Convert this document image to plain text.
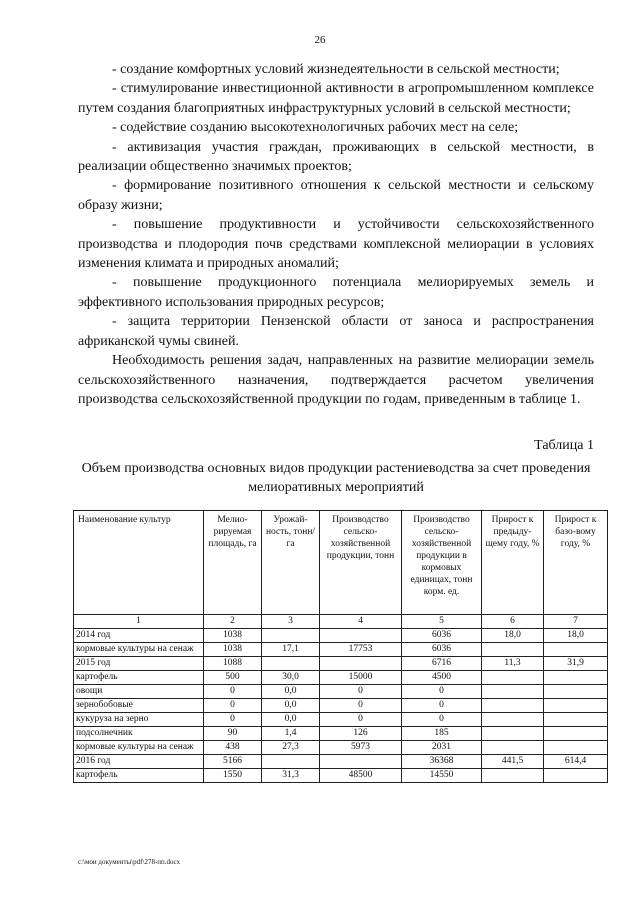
26

- создание комфортных условий жизнедеятельности в сельской местности;

- стимулирование инвестиционной активности в агропромышленном комплексе путем создания благоприятных инфраструктурных условий в сельской местности;

- содействие созданию высокотехнологичных рабочих мест на селе;

- активизация участия граждан, проживающих в сельской местности, в реализации общественно значимых проектов;

- формирование позитивного отношения к сельской местности и сельскому образу жизни;

- повышение продуктивности и устойчивости сельскохозяйственного производства и плодородия почв средствами комплексной мелиорации в условиях изменения климата и природных аномалий;

- повышение продукционного потенциала мелиорируемых земель и эффективного использования природных ресурсов;

- защита территории Пензенской области от заноса и распространения африканской чумы свиней.

Необходимость решения задач, направленных на развитие мелиорации земель сельскохозяйственного назначения, подтверждается расчетом увеличения производства сельскохозяйственной продукции по годам, приведенным в таблице 1.

Таблица 1
Объем производства основных видов продукции растениеводства за счет проведения мелиоративных мероприятий
Наименование культур	Мелио-рируемая площадь, га	Урожай-ность, тонн/га	Производство сельско-хозяйственной продукции, тонн	Производство сельско-хозяйственной продукции в кормовых единицах, тонн корм. ед.	Прирост к предыду-щему году, %	Прирост к базо-вому году, %
1	2	3	4	5	6	7
2014 год	1038			6036	18,0	18,0
кормовые культуры на сенаж	1038	17,1	17753	6036		
2015 год	1088			6716	11,3	31,9
картофель	500	30,0	15000	4500		
овощи	0	0,0	0	0		
зернобобовые	0	0,0	0	0		
кукуруза на зерно	0	0,0	0	0		
подсолнечник	90	1,4	126	185		
кормовые культуры на сенаж	438	27,3	5973	2031		
2016 год	5166			36368	441,5	614,4
картофель	1550	31,3	48500	14550		
c:\мои документы\pdf\278-пп.docx
